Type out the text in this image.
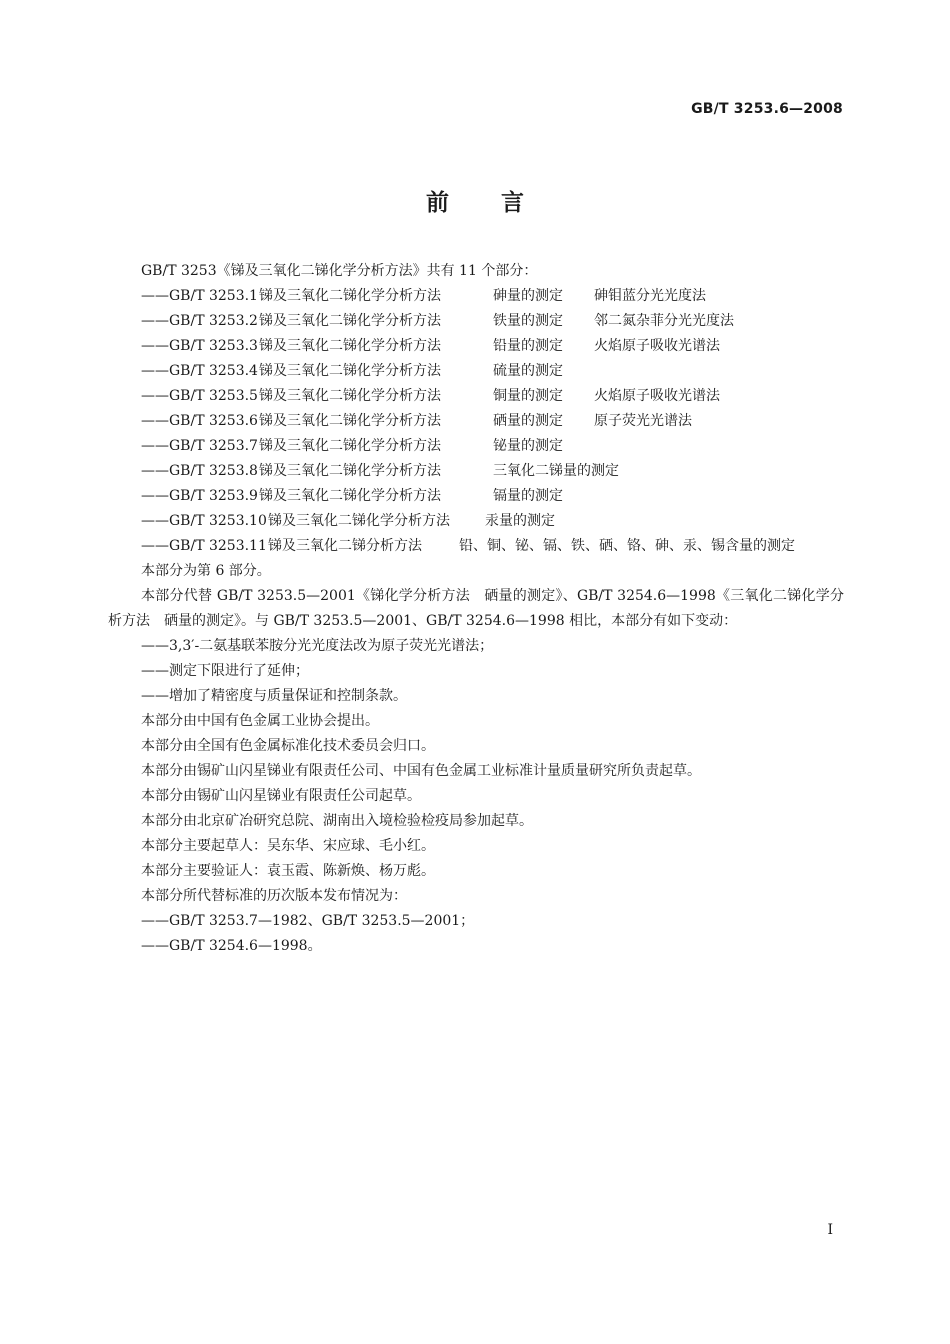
GB/T 3253.6—2008
前言

GB/T 3253《锑及三氧化二锑化学分析方法》共有 11 个部分：

——GB/T 3253.1 锑及三氧化二锑化学分析方法	砷量的测定	砷钼蓝分光光度法
——GB/T 3253.2 锑及三氧化二锑化学分析方法	铁量的测定	邻二氮杂菲分光光度法
——GB/T 3253.3 锑及三氧化二锑化学分析方法	铅量的测定	火焰原子吸收光谱法
——GB/T 3253.4 锑及三氧化二锑化学分析方法	硫量的测定
——GB/T 3253.5 锑及三氧化二锑化学分析方法	铜量的测定	火焰原子吸收光谱法
——GB/T 3253.6 锑及三氧化二锑化学分析方法	硒量的测定	原子荧光光谱法
——GB/T 3253.7 锑及三氧化二锑化学分析方法	铋量的测定
——GB/T 3253.8 锑及三氧化二锑化学分析方法	三氧化二锑量的测定
——GB/T 3253.9 锑及三氧化二锑化学分析方法	镉量的测定
——GB/T 3253.10 锑及三氧化二锑化学分析方法	汞量的测定
——GB/T 3253.11 锑及三氧化二锑分析方法	铅、铜、铋、镉、铁、硒、铬、砷、汞、锡含量的测定

本部分为第 6 部分。

本部分代替 GB/T 3253.5—2001《锑化学分析方法　硒量的测定》、GB/T 3254.6—1998《三氧化二锑化学分析方法　硒量的测定》。与 GB/T 3253.5—2001、GB/T 3254.6—1998 相比，本部分有如下变动：

——3,3′-二氨基联苯胺分光光度法改为原子荧光光谱法；

——测定下限进行了延伸；

——增加了精密度与质量保证和控制条款。

本部分由中国有色金属工业协会提出。

本部分由全国有色金属标准化技术委员会归口。

本部分由锡矿山闪星锑业有限责任公司、中国有色金属工业标准计量质量研究所负责起草。

本部分由锡矿山闪星锑业有限责任公司起草。

本部分由北京矿冶研究总院、湖南出入境检验检疫局参加起草。

本部分主要起草人：吴东华、宋应球、毛小红。

本部分主要验证人：袁玉霞、陈新焕、杨万彪。

本部分所代替标准的历次版本发布情况为：

——GB/T 3253.7—1982、GB/T 3253.5—2001；

——GB/T 3254.6—1998。

I
